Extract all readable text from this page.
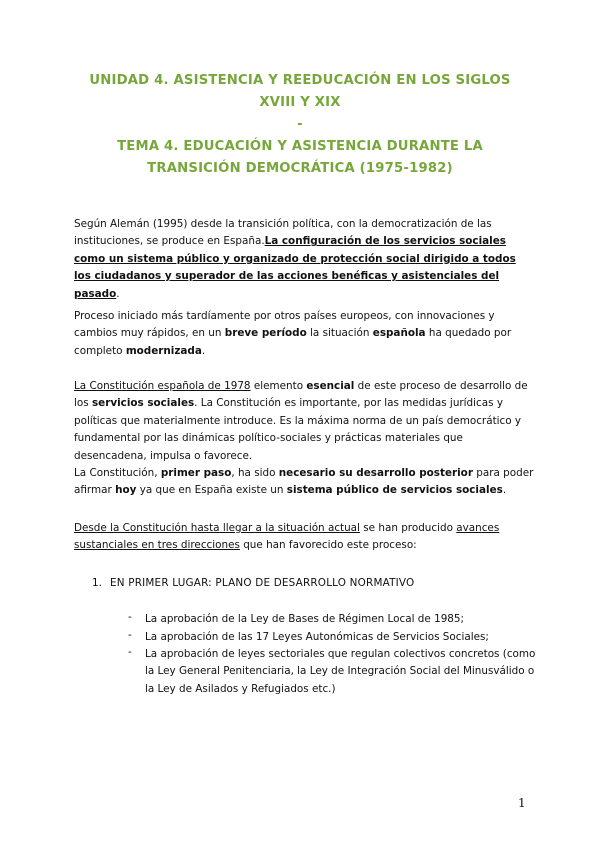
UNIDAD 4. ASISTENCIA Y REEDUCACIÓN EN LOS SIGLOS
XVIII Y XIX
-
TEMA 4. EDUCACIÓN Y ASISTENCIA DURANTE LA
TRANSICIÓN DEMOCRÁTICA (1975-1982)
Según Alemán (1995) desde la transición política, con la democratización de las instituciones, se produce en España.La configuración de los servicios sociales como un sistema público y organizado de protección social dirigido a todos los ciudadanos y superador de las acciones benéficas y asistenciales del pasado.
Proceso iniciado más tardíamente por otros países europeos, con innovaciones y cambios muy rápidos, en un breve período la situación española ha quedado por completo modernizada.
La Constitución española de 1978 elemento esencial de este proceso de desarrollo de los servicios sociales. La Constitución es importante, por las medidas jurídicas y políticas que materialmente introduce. Es la máxima norma de un país democrático y fundamental por las dinámicas político-sociales y prácticas materiales que desencadena, impulsa o favorece.
La Constitución, primer paso, ha sido necesario su desarrollo posterior para poder afirmar hoy ya que en España existe un sistema público de servicios sociales.
Desde la Constitución hasta llegar a la situación actual se han producido avances sustanciales en tres direcciones que han favorecido este proceso:
1. EN PRIMER LUGAR: PLANO DE DESARROLLO NORMATIVO
- La aprobación de la Ley de Bases de Régimen Local de 1985;
- La aprobación de las 17 Leyes Autonómicas de Servicios Sociales;
- La aprobación de leyes sectoriales que regulan colectivos concretos (como la Ley General Penitenciaria, la Ley de Integración Social del Minusválido o la Ley de Asilados y Refugiados etc.)
1
